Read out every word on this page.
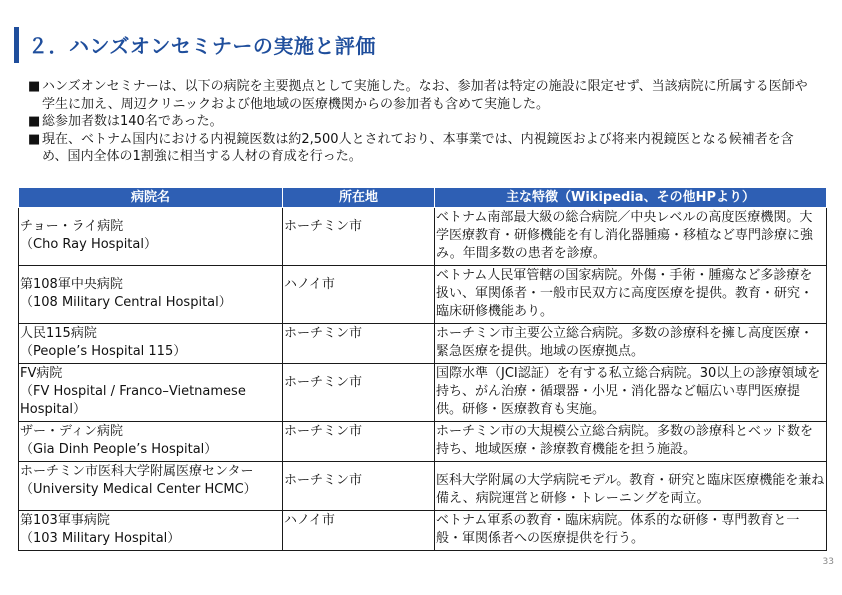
２．ハンズオンセミナーの実施と評価
■ ハンズオンセミナーは、以下の病院を主要拠点として実施した。なお、参加者は特定の施設に限定せず、当該病院に所属する医師や学生に加え、周辺クリニックおよび他地域の医療機関からの参加者も含めて実施した。
■ 総参加者数は140名であった。
■ 現在、ベトナム国内における内視鏡医数は約2,500人とされており、本事業では、内視鏡医および将来内視鏡医となる候補者を含め、国内全体の1割強に相当する人材の育成を行った。
病院名	所在地	主な特徴（Wikipedia、その他HPより）
チョー・ライ病院
（Cho Ray Hospital）	ホーチミン市	ベトナム南部最大級の総合病院／中央レベルの高度医療機関。大学医療教育・研修機能を有し消化器腫瘍・移植など専門診療に強み。年間多数の患者を診療。
第108軍中央病院
（108 Military Central Hospital）	ハノイ市	ベトナム人民軍管轄の国家病院。外傷・手術・腫瘍など多診療を扱い、軍関係者・一般市民双方に高度医療を提供。教育・研究・臨床研修機能あり。
人民115病院
（People’s Hospital 115）	ホーチミン市	ホーチミン市主要公立総合病院。多数の診療科を擁し高度医療・緊急医療を提供。地域の医療拠点。
FV病院
（FV Hospital / Franco–Vietnamese Hospital）	ホーチミン市	国際水準（JCI認証）を有する私立総合病院。30以上の診療領域を持ち、がん治療・循環器・小児・消化器など幅広い専門医療提供。研修・医療教育も実施。
ザー・ディン病院
（Gia Dinh People’s Hospital）	ホーチミン市	ホーチミン市の大規模公立総合病院。多数の診療科とベッド数を持ち、地域医療・診療教育機能を担う施設。
ホーチミン市医科大学附属医療センター（University Medical Center HCMC）	ホーチミン市	医科大学附属の大学病院モデル。教育・研究と臨床医療機能を兼ね備え、病院運営と研修・トレーニングを両立。
第103軍事病院
（103 Military Hospital）	ハノイ市	ベトナム軍系の教育・臨床病院。体系的な研修・専門教育と一般・軍関係者への医療提供を行う。
33
